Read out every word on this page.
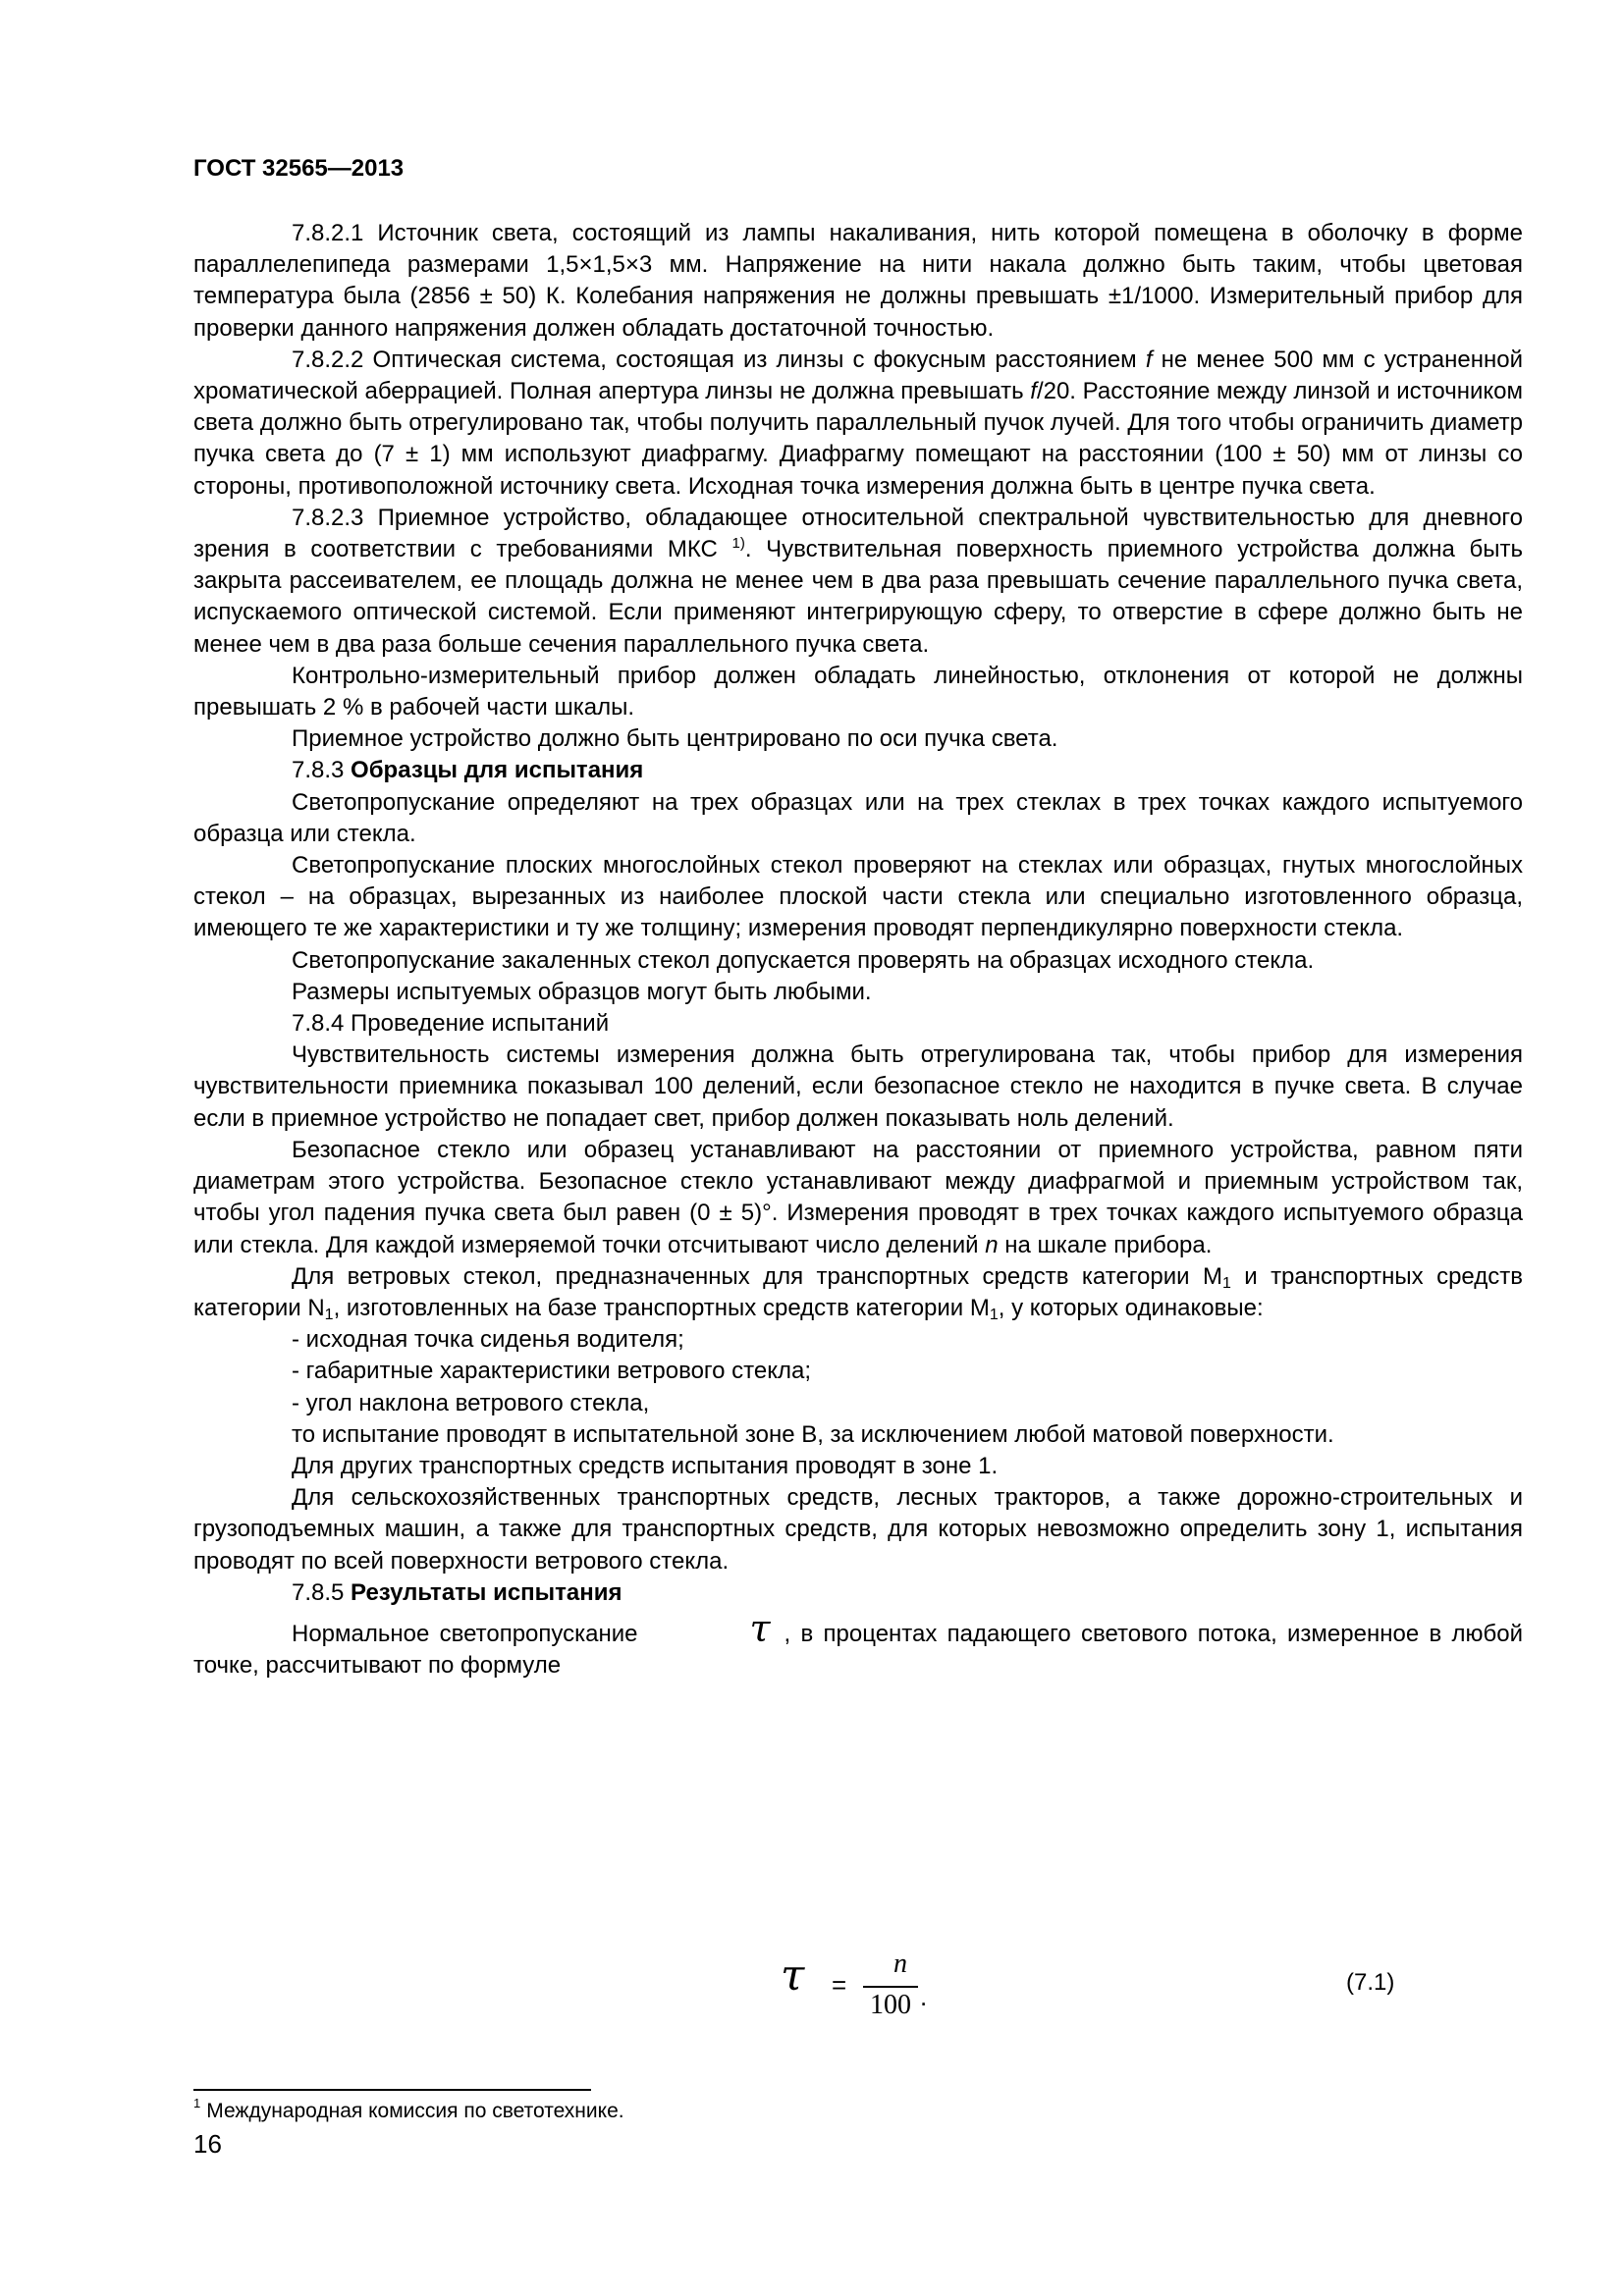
ГОСТ 32565—2013

7.8.2.1 Источник света, состоящий из лампы накаливания, нить которой помещена в оболочку в форме параллелепипеда размерами 1,5×1,5×3 мм. Напряжение на нити накала должно быть таким, чтобы цветовая температура была (2856 ± 50) К. Колебания напряжения не должны превышать ±1/1000. Измерительный прибор для проверки данного напряжения должен обладать достаточной точностью.

7.8.2.2 Оптическая система, состоящая из линзы с фокусным расстоянием f не менее 500 мм с устраненной хроматической аберрацией. Полная апертура линзы не должна превышать f/20. Расстояние между линзой и источником света должно быть отрегулировано так, чтобы получить параллельный пучок лучей. Для того чтобы ограничить диаметр пучка света до (7 ± 1) мм используют диафрагму. Диафрагму помещают на расстоянии (100 ± 50) мм от линзы со стороны, противоположной источнику света. Исходная точка измерения должна быть в центре пучка света.

7.8.2.3 Приемное устройство, обладающее относительной спектральной чувствительностью для дневного зрения в соответствии с требованиями МКС $^{1)}$. Чувствительная поверхность приемного устройства должна быть закрыта рассеивателем, ее площадь должна не менее чем в два раза превышать сечение параллельного пучка света, испускаемого оптической системой. Если применяют интегрирующую сферу, то отверстие в сфере должно быть не менее чем в два раза больше сечения параллельного пучка света.

Контрольно-измерительный прибор должен обладать линейностью, отклонения от которой не должны превышать 2 % в рабочей части шкалы.

Приемное устройство должно быть центрировано по оси пучка света.

7.8.3 Образцы для испытания

Светопропускание определяют на трех образцах или на трех стеклах в трех точках каждого испытуемого образца или стекла.

Светопропускание плоских многослойных стекол проверяют на стеклах или образцах, гнутых многослойных стекол – на образцах, вырезанных из наиболее плоской части стекла или специально изготовленного образца, имеющего те же характеристики и ту же толщину; измерения проводят перпендикулярно поверхности стекла.

Светопропускание закаленных стекол допускается проверять на образцах исходного стекла.

Размеры испытуемых образцов могут быть любыми.

7.8.4 Проведение испытаний

Чувствительность системы измерения должна быть отрегулирована так, чтобы прибор для измерения чувствительности приемника показывал 100 делений, если безопасное стекло не находится в пучке света. В случае если в приемное устройство не попадает свет, прибор должен показывать ноль делений.

Безопасное стекло или образец устанавливают на расстоянии от приемного устройства, равном пяти диаметрам этого устройства. Безопасное стекло устанавливают между диафрагмой и приемным устройством так, чтобы угол падения пучка света был равен (0 ± 5)°. Измерения проводят в трех точках каждого испытуемого образца или стекла. Для каждой измеряемой точки отсчитывают число делений n на шкале прибора.

Для ветровых стекол, предназначенных для транспортных средств категории $М_1$ и транспортных средств категории $N_1$, изготовленных на базе транспортных средств категории $М_1$, у которых одинаковые:

- исходная точка сиденья водителя;

- габаритные характеристики ветрового стекла;

- угол наклона ветрового стекла,

то испытание проводят в испытательной зоне В, за исключением любой матовой поверхности.

Для других транспортных средств испытания проводят в зоне 1.

Для сельскохозяйственных транспортных средств, лесных тракторов, а также дорожно-строительных и грузоподъемных машин, а также для транспортных средств, для которых невозможно определить зону 1, испытания проводят по всей поверхности ветрового стекла.

7.8.5 Результаты испытания

Нормальное светопропускание	τ , в процентах падающего светового потока, измеренное в любой точке, рассчитывают по формуле

τ =
n
100 .	(7.1)
$^1$ Международная комиссия по светотехнике.
16
